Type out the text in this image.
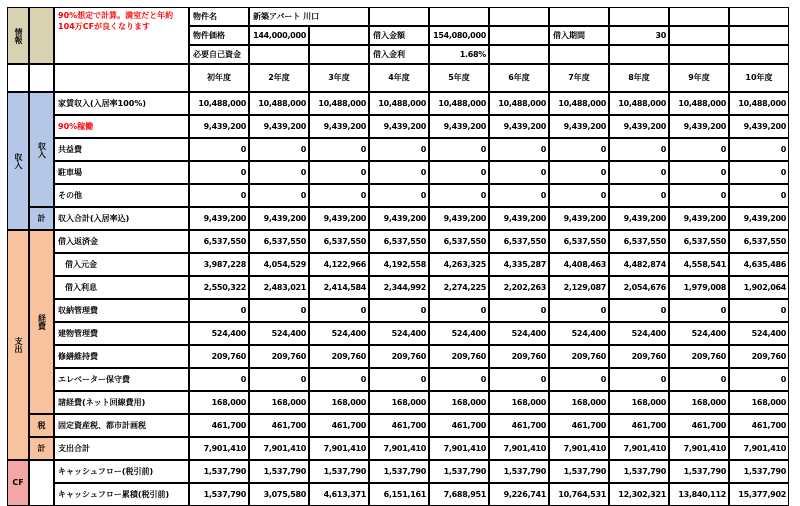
情報
90%想定で計算。満室だと年約104万CFが良くなります
物件名	新築アパート 川口
物件価格	144,000,000	借入金額	154,080,000	借入期間	30
必要自己資金	借入金利	1.68%
初年度	2年度	3年度	4年度	5年度	6年度	7年度	8年度	9年度	10年度
家賃収入(入居率100%)	10,488,000	10,488,000	10,488,000	10,488,000	10,488,000	10,488,000	10,488,000	10,488,000	10,488,000	10,488,000
90%稼働	9,439,200	9,439,200	9,439,200	9,439,200	9,439,200	9,439,200	9,439,200	9,439,200	9,439,200	9,439,200
共益費	0	0	0	0	0	0	0	0	0	0
駐車場	0	0	0	0	0	0	0	0	0	0
その他	0	0	0	0	0	0	0	0	0	0
収入合計(入居率込)	9,439,200	9,439,200	9,439,200	9,439,200	9,439,200	9,439,200	9,439,200	9,439,200	9,439,200	9,439,200
収入
収入
計
借入返済金	6,537,550	6,537,550	6,537,550	6,537,550	6,537,550	6,537,550	6,537,550	6,537,550	6,537,550	6,537,550
借入元金	3,987,228	4,054,529	4,122,966	4,192,558	4,263,325	4,335,287	4,408,463	4,482,874	4,558,541	4,635,486
借入利息	2,550,322	2,483,021	2,414,584	2,344,992	2,274,225	2,202,263	2,129,087	2,054,676	1,979,008	1,902,064
収納管理費	0	0	0	0	0	0	0	0	0	0
建物管理費	524,400	524,400	524,400	524,400	524,400	524,400	524,400	524,400	524,400	524,400
修繕維持費	209,760	209,760	209,760	209,760	209,760	209,760	209,760	209,760	209,760	209,760
エレベーター保守費	0	0	0	0	0	0	0	0	0	0
諸経費(ネット回線費用)	168,000	168,000	168,000	168,000	168,000	168,000	168,000	168,000	168,000	168,000
固定資産税、都市計画税	461,700	461,700	461,700	461,700	461,700	461,700	461,700	461,700	461,700	461,700
支出合計	7,901,410	7,901,410	7,901,410	7,901,410	7,901,410	7,901,410	7,901,410	7,901,410	7,901,410	7,901,410
支出
経費
税
計
キャッシュフロー(税引前)	1,537,790	1,537,790	1,537,790	1,537,790	1,537,790	1,537,790	1,537,790	1,537,790	1,537,790	1,537,790
キャッシュフロー累積(税引前)	1,537,790	3,075,580	4,613,371	6,151,161	7,688,951	9,226,741	10,764,531	12,302,321	13,840,112	15,377,902
CF
